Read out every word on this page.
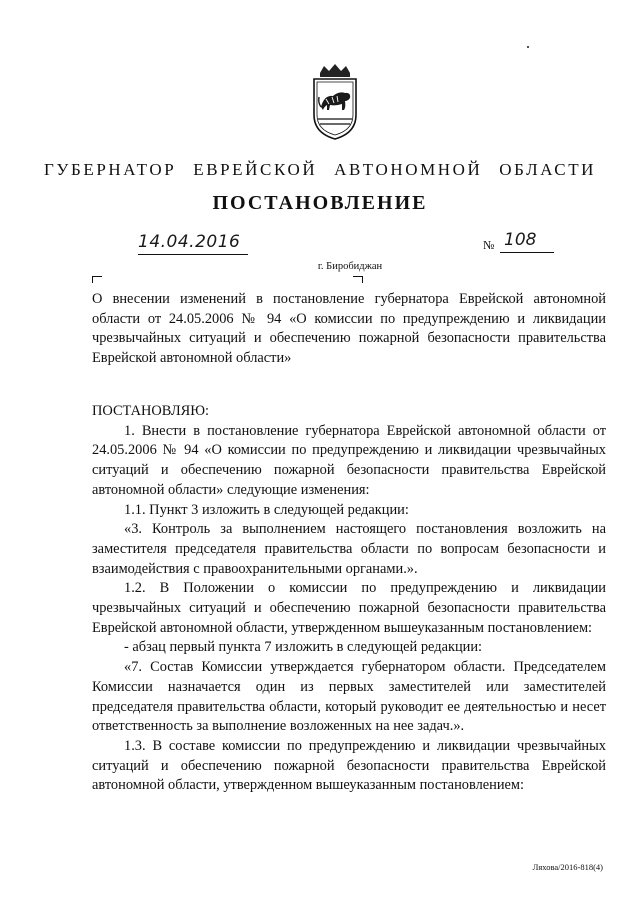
ГУБЕРНАТОР ЕВРЕЙСКОЙ АВТОНОМНОЙ ОБЛАСТИ
ПОСТАНОВЛЕНИЕ
14.04.2016	№ 108
г. Биробиджан
О внесении изменений в постановление губернатора Еврейской автономной области от 24.05.2006 № 94 «О комиссии по предупреждению и ликвидации чрезвычайных ситуаций и обеспечению пожарной безопасности правительства Еврейской автономной области»

ПОСТАНОВЛЯЮ:

1. Внести в постановление губернатора Еврейской автономной области от 24.05.2006 № 94 «О комиссии по предупреждению и ликвидации чрезвычайных ситуаций и обеспечению пожарной безопасности правительства Еврейской автономной области» следующие изменения:

1.1. Пункт 3 изложить в следующей редакции:

«3. Контроль за выполнением настоящего постановления возложить на заместителя председателя правительства области по вопросам безопасности и взаимодействия с правоохранительными органами.».

1.2. В Положении о комиссии по предупреждению и ликвидации чрезвычайных ситуаций и обеспечению пожарной безопасности правительства Еврейской автономной области, утвержденном вышеуказанным постановлением:

- абзац первый пункта 7 изложить в следующей редакции:

«7. Состав Комиссии утверждается губернатором области. Председателем Комиссии назначается один из первых заместителей или заместителей председателя правительства области, который руководит ее деятельностью и несет ответственность за выполнение возложенных на нее задач.».

1.3. В составе комиссии по предупреждению и ликвидации чрезвычайных ситуаций и обеспечению пожарной безопасности правительства Еврейской автономной области, утвержденном вышеуказанным постановлением:

Ляхова/2016-818(4)
